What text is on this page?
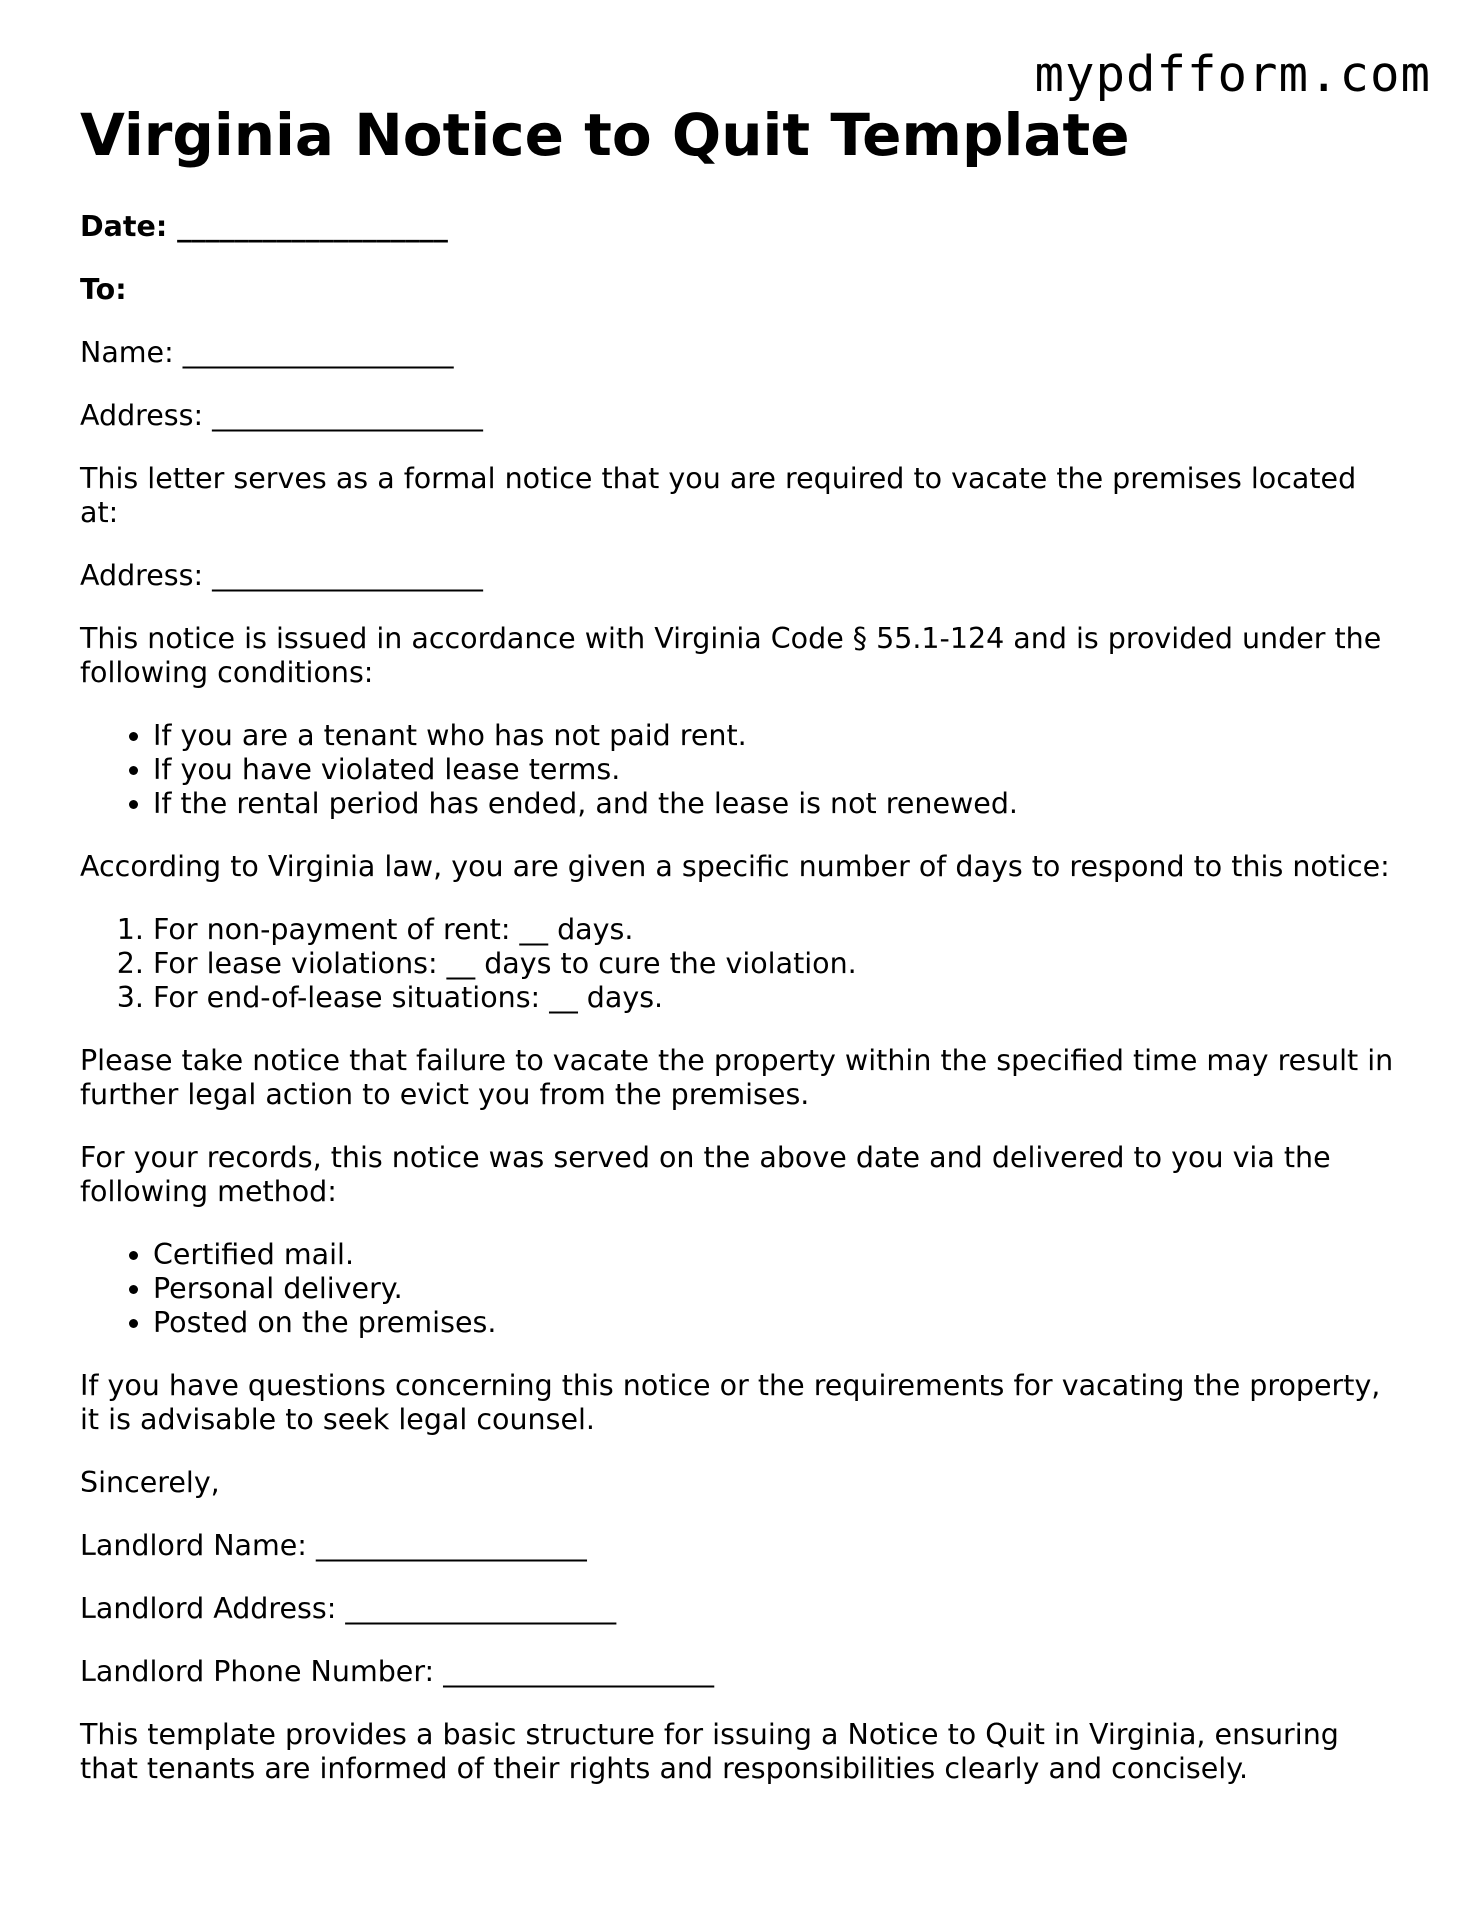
mypdfform.com
Virginia Notice to Quit Template

Date: ___________________

To:

Name: ___________________

Address: ___________________

This letter serves as a formal notice that you are required to vacate the premises located at:

Address: ___________________

This notice is issued in accordance with Virginia Code § 55.1-124 and is provided under the following conditions:

• If you are a tenant who has not paid rent.
• If you have violated lease terms.
• If the rental period has ended, and the lease is not renewed.

According to Virginia law, you are given a specific number of days to respond to this notice:

1. For non-payment of rent: __ days.
2. For lease violations: __ days to cure the violation.
3. For end-of-lease situations: __ days.

Please take notice that failure to vacate the property within the specified time may result in further legal action to evict you from the premises.

For your records, this notice was served on the above date and delivered to you via the following method:

• Certified mail.
• Personal delivery.
• Posted on the premises.

If you have questions concerning this notice or the requirements for vacating the property, it is advisable to seek legal counsel.

Sincerely,

Landlord Name: ___________________

Landlord Address: ___________________

Landlord Phone Number: ___________________

This template provides a basic structure for issuing a Notice to Quit in Virginia, ensuring that tenants are informed of their rights and responsibilities clearly and concisely.
